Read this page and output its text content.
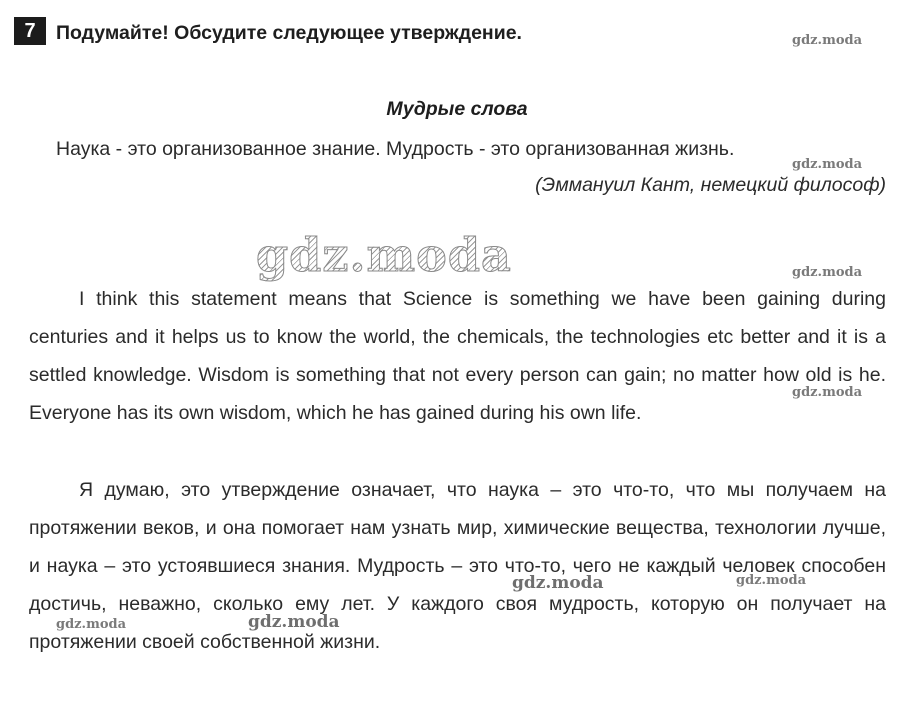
7	Подумайте! Обсудите следующее утверждение.
Мудрые слова
Наука - это организованное знание. Мудрость - это организованная жизнь.
(Эммануил Кант, немецкий философ)

I think this statement means that Science is something we have been gaining during centuries and it helps us to know the world, the chemicals, the technologies etc better and it is a settled knowledge. Wisdom is something that not every person can gain; no matter how old is he. Everyone has its own wisdom, which he has gained during his own life.

Я думаю, это утверждение означает, что наука – это что-то, что мы получаем на протяжении веков, и она помогает нам узнать мир, химические вещества, технологии лучше, и наука – это устоявшиеся знания. Мудрость – это что-то, чего не каждый человек способен достичь, неважно, сколько ему лет. У каждого своя мудрость, которую он получает на протяжении своей собственной жизни.

gdz.moda
gdz.moda
gdz.moda	gdz.moda
gdz.moda
gdz.moda	gdz.moda
gdz.moda	gdz.moda
